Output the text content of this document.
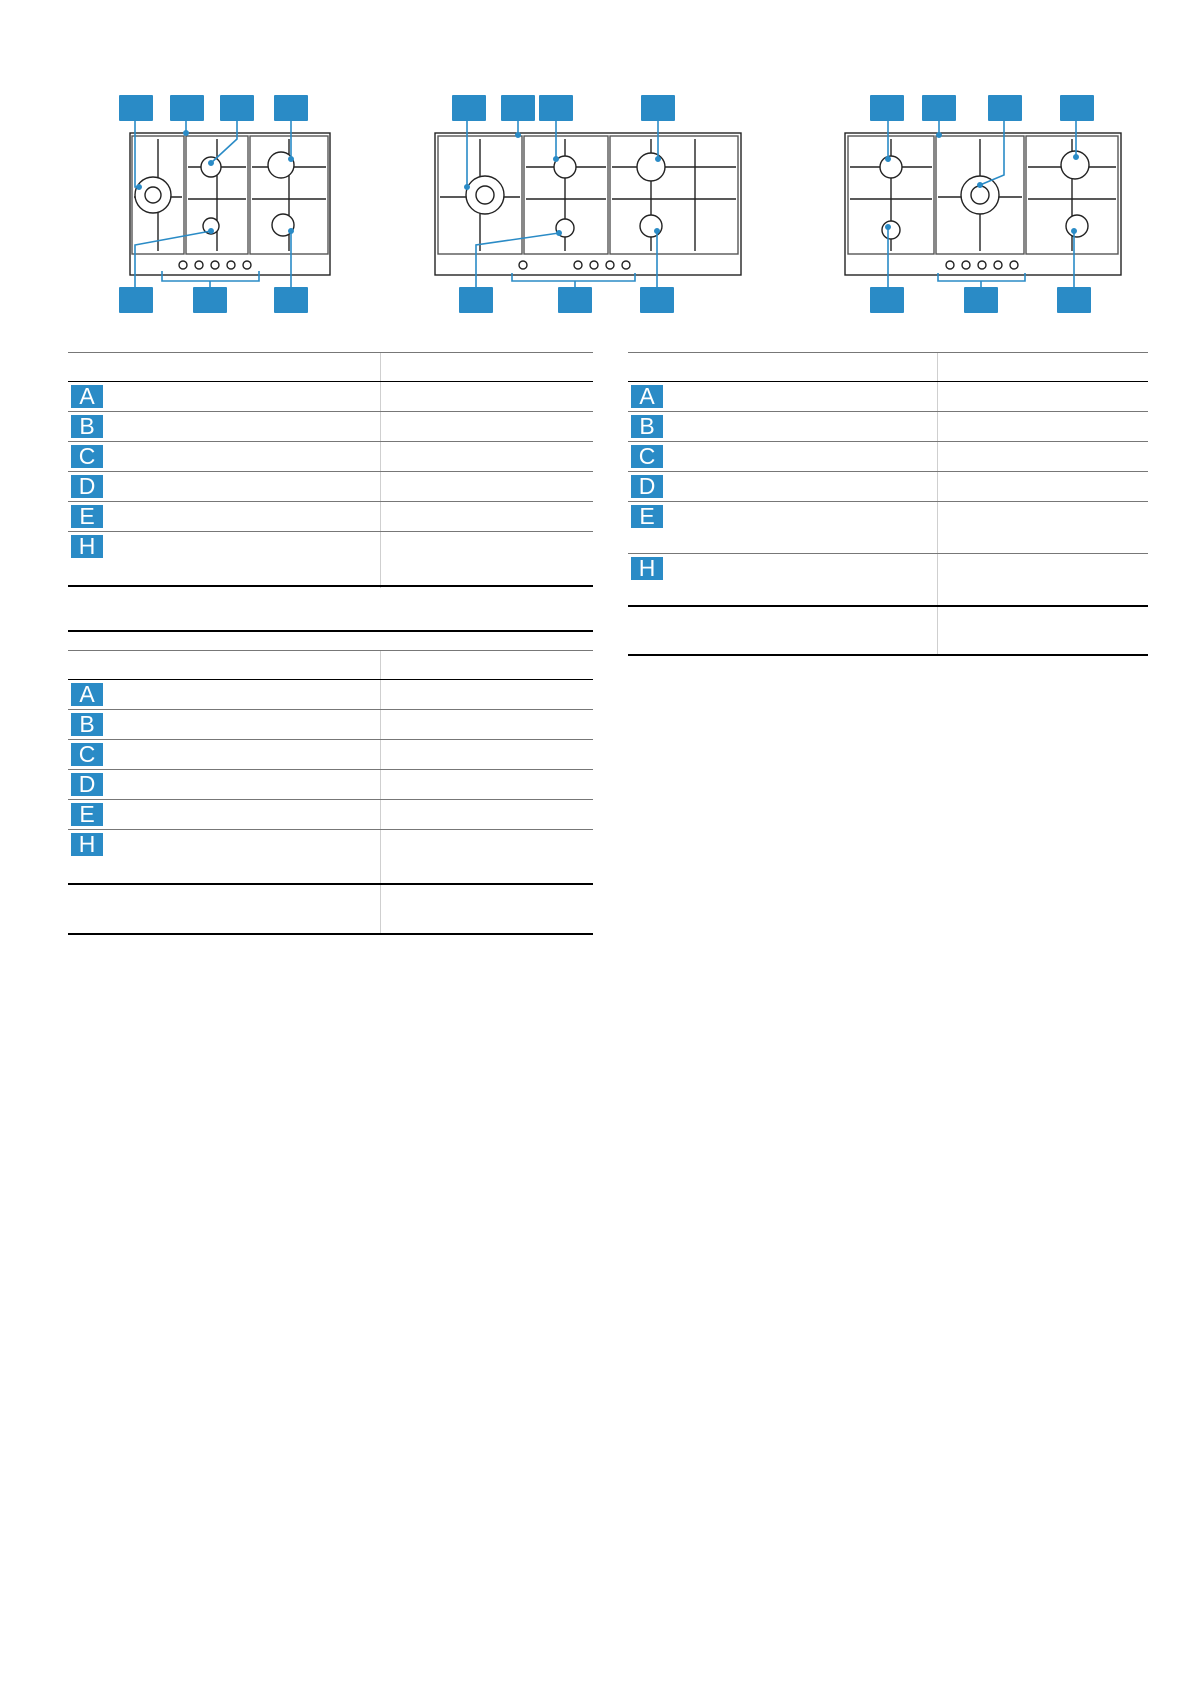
A
B
C
D
E
H
A
B
C
D
E
H
A
B
C
D
E
H
